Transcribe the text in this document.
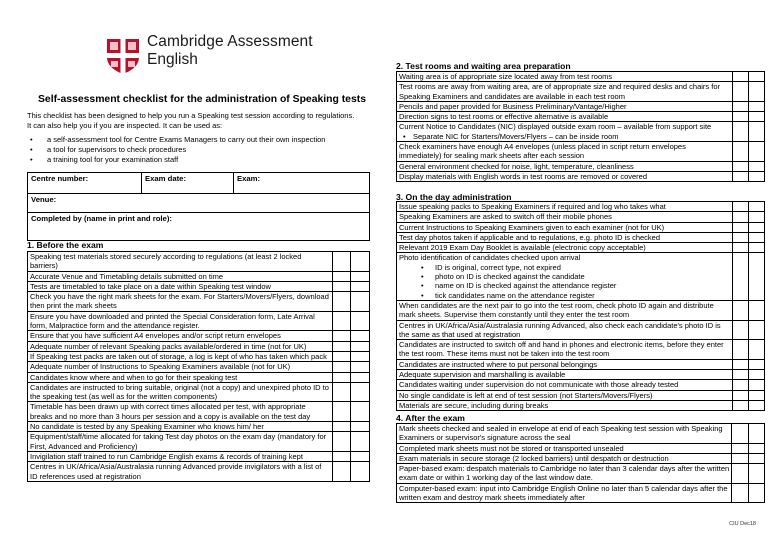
Cambridge Assessment
English
Self-assessment checklist for the administration of Speaking tests
This checklist has been designed to help you run a Speaking test session according to regulations. It can also help you if you are inspected. It can be used as:
• a self-assessment tool for Centre Exams Managers to carry out their own inspection
• a tool for supervisors to check procedures
• a training tool for your examination staff
Centre number:	Exam date:	Exam:
Venue:
Completed by (name in print and role):
1. Before the exam
Speaking test materials stored securely according to regulations (at least 2 locked barriers)		
Accurate Venue and Timetabling details submitted on time		
Tests are timetabled to take place on a date within Speaking test window		
Check you have the right mark sheets for the exam. For Starters/Movers/Flyers, download then print the mark sheets		
Ensure you have downloaded and printed the Special Consideration form, Late Arrival form, Malpractice form and the attendance register.		
Ensure that you have sufficient A4 envelopes and/or script return envelopes		
Adequate number of relevant Speaking packs available/ordered in time (not for UK)		
If Speaking test packs are taken out of storage, a log is kept of who has taken which pack		
Adequate number of Instructions to Speaking Examiners available (not for UK)		
Candidates know where and when to go for their speaking test		
Candidates are instructed to bring suitable, original (not a copy) and unexpired photo ID to the speaking test (as well as for the written components)		
Timetable has been drawn up with correct times allocated per test, with appropriate breaks and no more than 3 hours per session and a copy is available on the test day		
No candidate is tested by any Speaking Examiner who knows him/ her		
Equipment/staff/time allocated for taking Test day photos on the exam day (mandatory for First, Advanced and Proficiency)		
Invigilation staff trained to run Cambridge English exams & records of training kept		
Centres in UK/Africa/Asia/Australasia running Advanced provide invigilators with a list of ID references used at registration		
2. Test rooms and waiting area preparation
Waiting area is of appropriate size located away from test rooms		
Test rooms are away from waiting area, are of appropriate size and required desks and chairs for Speaking Examiners and candidates are available in each test room		
Pencils and paper provided for Business Preliminary/Vantage/Higher		
Direction signs to test rooms or effective alternative is available		
Current Notice to Candidates (NIC) displayed outside exam room – available from support site
• Separate NIC for Starters/Movers/Flyers – can be inside room

Check examiners have enough A4 envelopes (unless placed in script return envelopes immediately) for sealing mark sheets after each session		
General environment checked for noise, light, temperature, cleanliness		
Display materials with English words in test rooms are removed or covered		
3. On the day administration
Issue speaking packs to Speaking Examiners if required and log who takes what		
Speaking Examiners are asked to switch off their mobile phones		
Current Instructions to Speaking Examiners given to each examiner (not for UK)		
Test day photos taken if applicable and to regulations, e.g. photo ID is checked		
Relevant 2019 Exam Day Booklet is available (electronic copy acceptable)		
Photo identification of candidates checked upon arrival
• ID is original, correct type, not expired
• photo on ID is checked against the candidate
• name on ID is checked against the attendance register
• tick candidates name on the attendance register

When candidates are the next pair to go into the test room, check photo ID again and distribute mark sheets. Supervise them constantly until they enter the test room		
Centres in UK/Africa/Asia/Australasia running Advanced, also check each candidate's photo ID is the same as that used at registration		
Candidates are instructed to switch off and hand in phones and electronic items, before they enter the test room. These items must not be taken into the test room		
Candidates are instructed where to put personal belongings		
Adequate supervision and marshalling is available		
Candidates waiting under supervision do not communicate with those already tested		
No single candidate is left at end of test session (not Starters/Movers/Flyers)		
Materials are secure, including during breaks		
4. After the exam
Mark sheets checked and sealed in envelope at end of each Speaking test session with Speaking Examiners or supervisor's signature across the seal		
Completed mark sheets must not be stored or transported unsealed		
Exam materials in secure storage (2 locked barriers) until despatch or destruction		
Paper-based exam: despatch materials to Cambridge no later than 3 calendar days after the written exam date or within 1 working day of the last window date.		
Computer-based exam: input into Cambridge English Online no later than 5 calendar days after the written exam and destroy mark sheets immediately after		
CIU Dec18
